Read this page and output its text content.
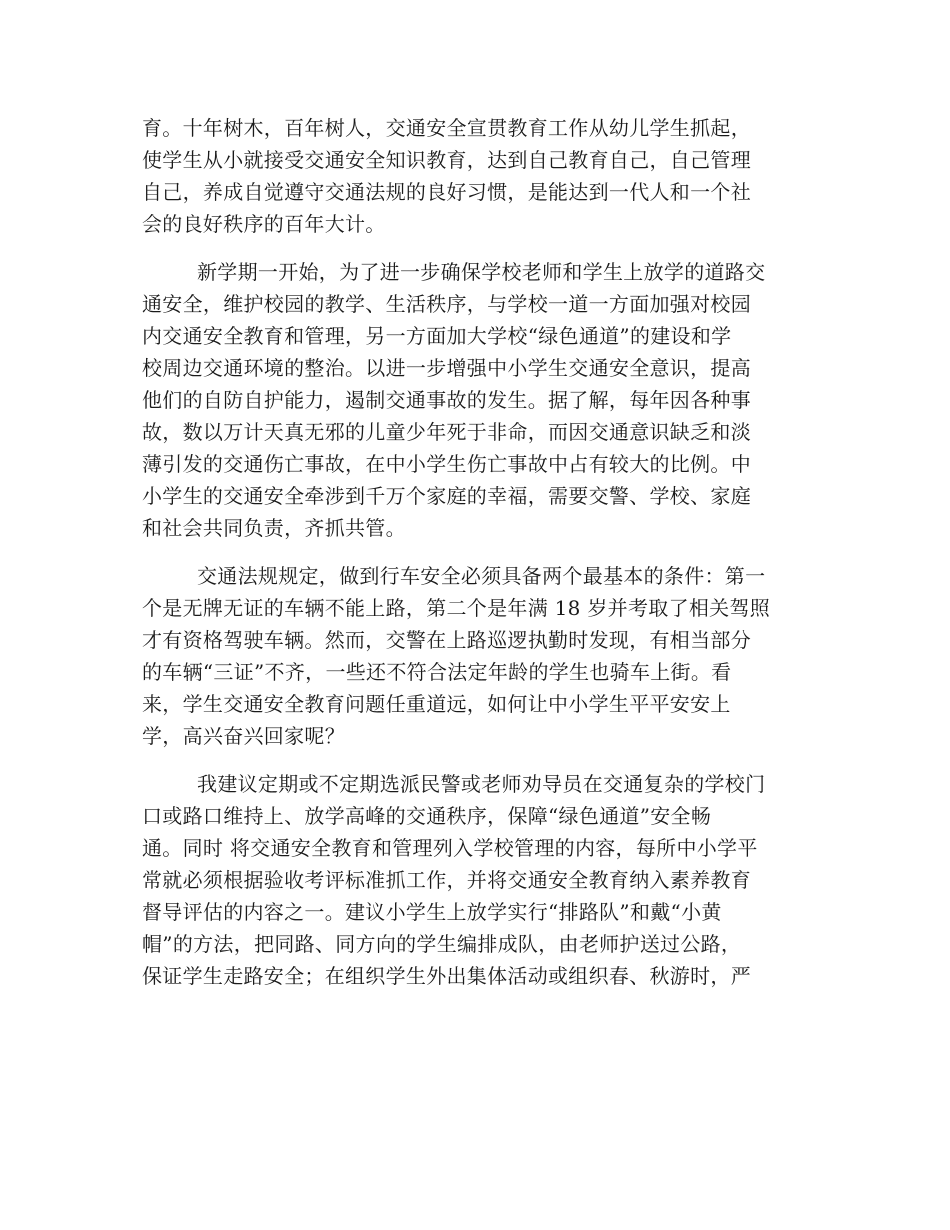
育。十年树木，百年树人，交通安全宣贯教育工作从幼儿学生抓起，
使学生从小就接受交通安全知识教育，达到自己教育自己，自己管理
自己，养成自觉遵守交通法规的良好习惯，是能达到一代人和一个社
会的良好秩序的百年大计。
新学期一开始，为了进一步确保学校老师和学生上放学的道路交
通安全，维护校园的教学、生活秩序，与学校一道一方面加强对校园
内交通安全教育和管理，另一方面加大学校“绿色通道”的建设和学
校周边交通环境的整治。以进一步增强中小学生交通安全意识，提高
他们的自防自护能力，遏制交通事故的发生。据了解，每年因各种事
故，数以万计天真无邪的儿童少年死于非命，而因交通意识缺乏和淡
薄引发的交通伤亡事故，在中小学生伤亡事故中占有较大的比例。中
小学生的交通安全牵涉到千万个家庭的幸福，需要交警、学校、家庭
和社会共同负责，齐抓共管。
交通法规规定，做到行车安全必须具备两个最基本的条件：第一
个是无牌无证的车辆不能上路，第二个是年满 18 岁并考取了相关驾照
才有资格驾驶车辆。然而，交警在上路巡逻执勤时发现，有相当部分
的车辆“三证”不齐，一些还不符合法定年龄的学生也骑车上街。看
来，学生交通安全教育问题任重道远，如何让中小学生平平安安上
学，高兴奋兴回家呢？
我建议定期或不定期选派民警或老师劝导员在交通复杂的学校门
口或路口维持上、放学高峰的交通秩序，保障“绿色通道”安全畅
通。同时 将交通安全教育和管理列入学校管理的内容，每所中小学平
常就必须根据验收考评标准抓工作，并将交通安全教育纳入素养教育
督导评估的内容之一。建议小学生上放学实行“排路队”和戴“小黄
帽”的方法，把同路、同方向的学生编排成队，由老师护送过公路，
保证学生走路安全；在组织学生外出集体活动或组织春、秋游时，严
